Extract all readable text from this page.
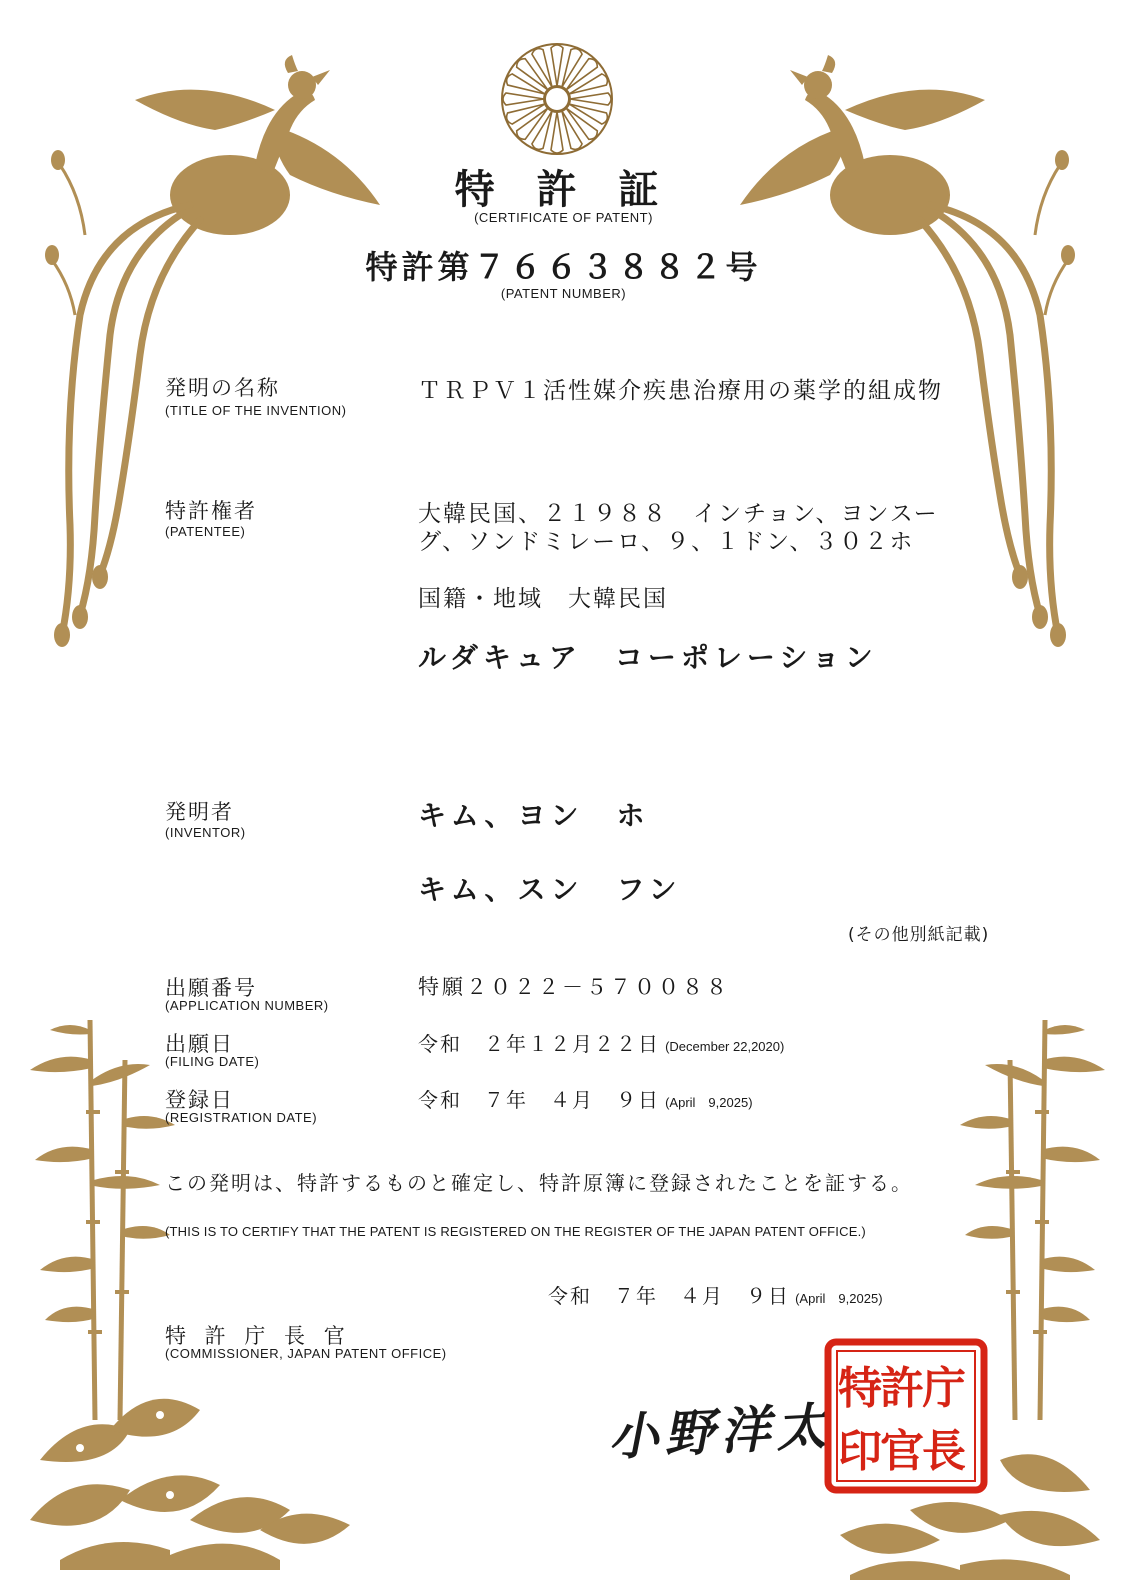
特 許 証
(CERTIFICATE OF PATENT)
特許第７６６３８８２号
(PATENT NUMBER)
発明の名称
(TITLE OF THE INVENTION)
ＴＲＰＶ１活性媒介疾患治療用の薬学的組成物
特許権者
(PATENTEE)
大韓民国、２１９８８　インチョン、ヨンスー
グ、ソンドミレーロ、９、１ドン、３０２ホ
国籍・地域　大韓民国
ルダキュア　コーポレーション
発明者
(INVENTOR)
キム、ヨン　ホ
キム、スン　フン
(その他別紙記載)
出願番号
(APPLICATION NUMBER)
特願２０２２－５７００８８
出願日
(FILING DATE)
令和　２年１２月２２日 (December 22,2020)
登録日
(REGISTRATION DATE)
令和　７年　４月　９日 (April　9,2025)
この発明は、特許するものと確定し、特許原簿に登録されたことを証する。
(THIS IS TO CERTIFY THAT THE PATENT IS REGISTERED ON THE REGISTER OF THE JAPAN PATENT OFFICE.)
令和　７年　４月　９日 (April　9,2025)
特 許 庁 長 官
(COMMISSIONER, JAPAN PATENT OFFICE)
小野洋太
庁
長
許
官
特
印
